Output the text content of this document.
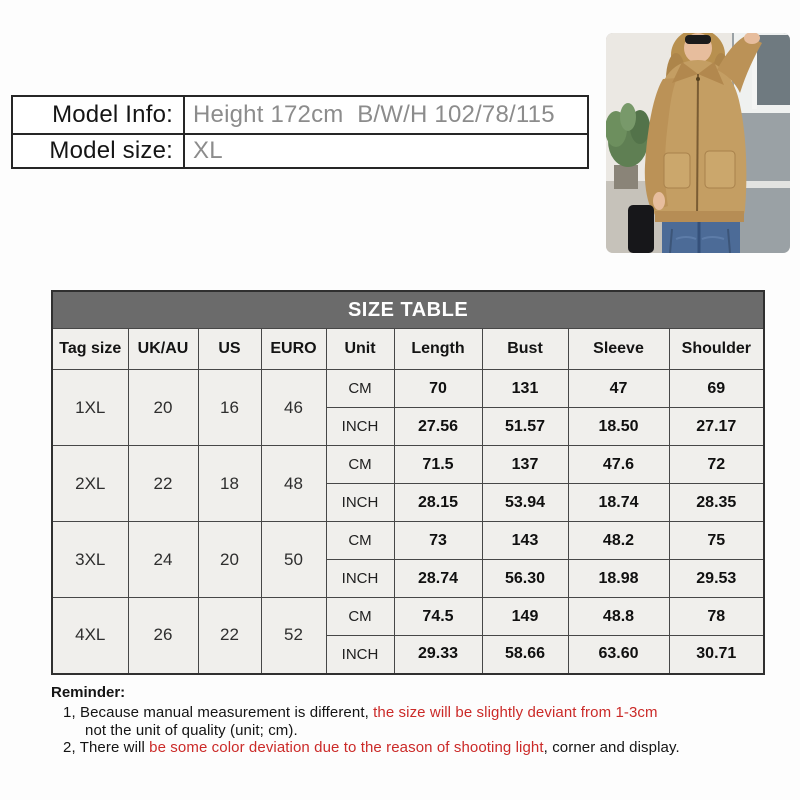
Model Info: Height 172cm  B/W/H 102/78/115
Model size: XL
SIZE TABLE								
Tag size	UK/AU	US	EURO	Unit	Length	Bust	Sleeve	Shoulder
1XL	20	16	46	CM	70	131	47	69
				INCH	27.56	51.57	18.50	27.17
2XL	22	18	48	CM	71.5	137	47.6	72
				INCH	28.15	53.94	18.74	28.35
3XL	24	20	50	CM	73	143	48.2	75
				INCH	28.74	56.30	18.98	29.53
4XL	26	22	52	CM	74.5	149	48.8	78
				INCH	29.33	58.66	63.60	30.71
Reminder:
1, Because manual measurement is different, the size will be slightly deviant from 1-3cm
not the unit of quality (unit; cm).
2, There will be some color deviation due to the reason of shooting light, corner and display.
